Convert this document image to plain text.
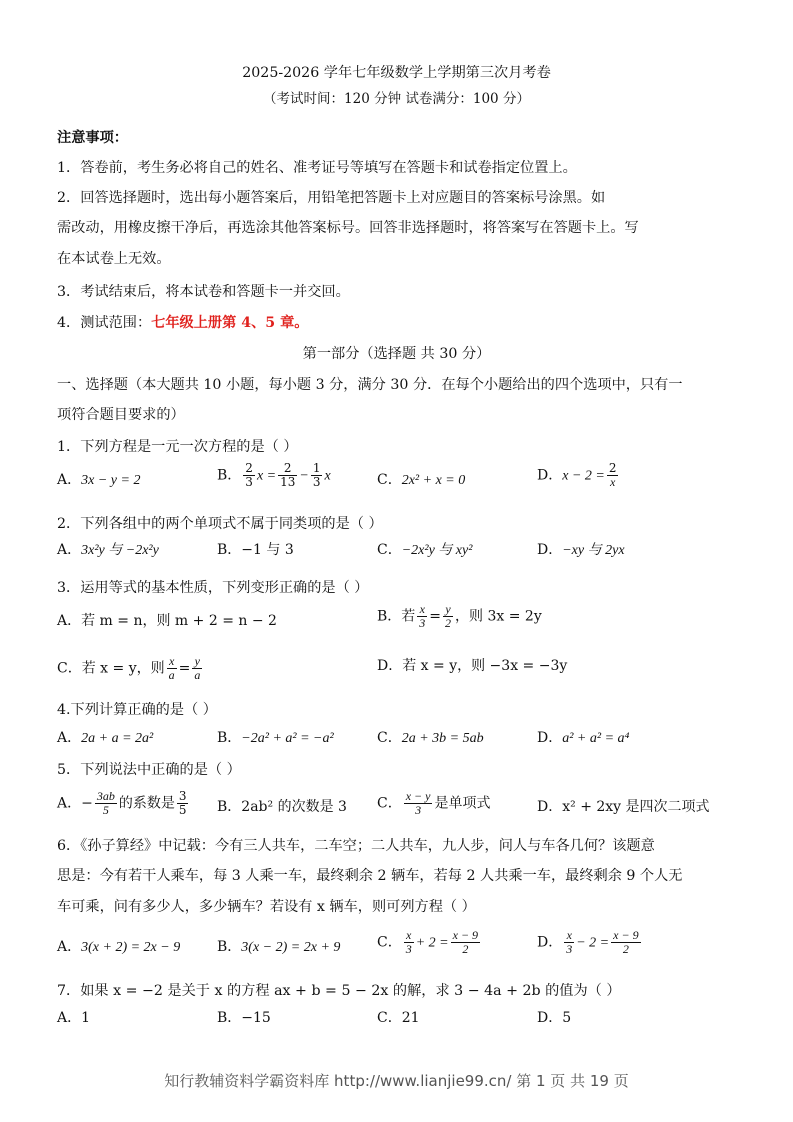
2025-2026 学年七年级数学上学期第三次月考卷
（考试时间：120 分钟 试卷满分：100 分）
注意事项：
1．答卷前，考生务必将自己的姓名、准考证号等填写在答题卡和试卷指定位置上。
2．回答选择题时，选出每小题答案后，用铅笔把答题卡上对应题目的答案标号涂黑。如
需改动，用橡皮擦干净后，再选涂其他答案标号。回答非选择题时，将答案写在答题卡上。写
在本试卷上无效。
3．考试结束后，将本试卷和答题卡一并交回。
4．测试范围：七年级上册第 4、5 章。
第一部分（选择题 共 30 分）
一、选择题（本大题共 10 小题，每小题 3 分，满分 30 分．在每个小题给出的四个选项中，只有一
项符合题目要求的）
1．下列方程是一元一次方程的是（ ）
A．3x − y = 2	B． $\frac{2}{3}$ $x = \frac{2}{13} - \frac{1}{3}$ x	C．2x² + x = 0	D．$x - 2 = \frac{2}{x}$
2．下列各组中的两个单项式不属于同类项的是（ ）
A．3x²y 与 −2x²y	B．−1 与 3	C．−2x²y 与 xy²	D．−xy 与 2yx
3．运用等式的基本性质，下列变形正确的是（ ）
A．若 m = n，则 m + 2 = n − 2	B．若 $\frac{x}{3} = \frac{y}{2}$ ，则 3x = 2y
C．若 x = y，则 $\frac{x}{a} = \frac{y}{a}$	D．若 x = y，则 −3x = −3y
4.下列计算正确的是（ ）
A．2a + a = 2a²	B．−2a² + a² = −a²	C．2a + 3b = 5ab	D．a² + a² = a⁴
5．下列说法中正确的是（ ）
A．− $\frac{3ab}{5}$ 的系数是 $\frac{3}{5}$ B．2ab² 的次数是 3 C． $\frac{x - y}{3}$ 是单项式	D．x² + 2xy 是四次二项式
6．《孙子算经》中记载：今有三人共车，二车空；二人共车，九人步，问人与车各几何？该题意
思是：今有若干人乘车，每 3 人乘一车，最终剩余 2 辆车，若每 2 人共乘一车，最终剩余 9 个人无
车可乘，问有多少人，多少辆车？若设有 x 辆车，则可列方程（ ）
A．3(x + 2) = 2x − 9	B．3(x − 2) = 2x + 9	C． $\frac{x}{3} + 2 = \frac{x - 9}{2}$	D． $\frac{x}{3} - 2 = \frac{x - 9}{2}$
7．如果 x = −2 是关于 x 的方程 ax + b = 5 − 2x 的解，求 3 − 4a + 2b 的值为（ ）
A．1	B．−15	C．21	D．5
知行教辅资料学霸资料库 http://www.lianjie99.cn/ 第 1 页 共 19 页
